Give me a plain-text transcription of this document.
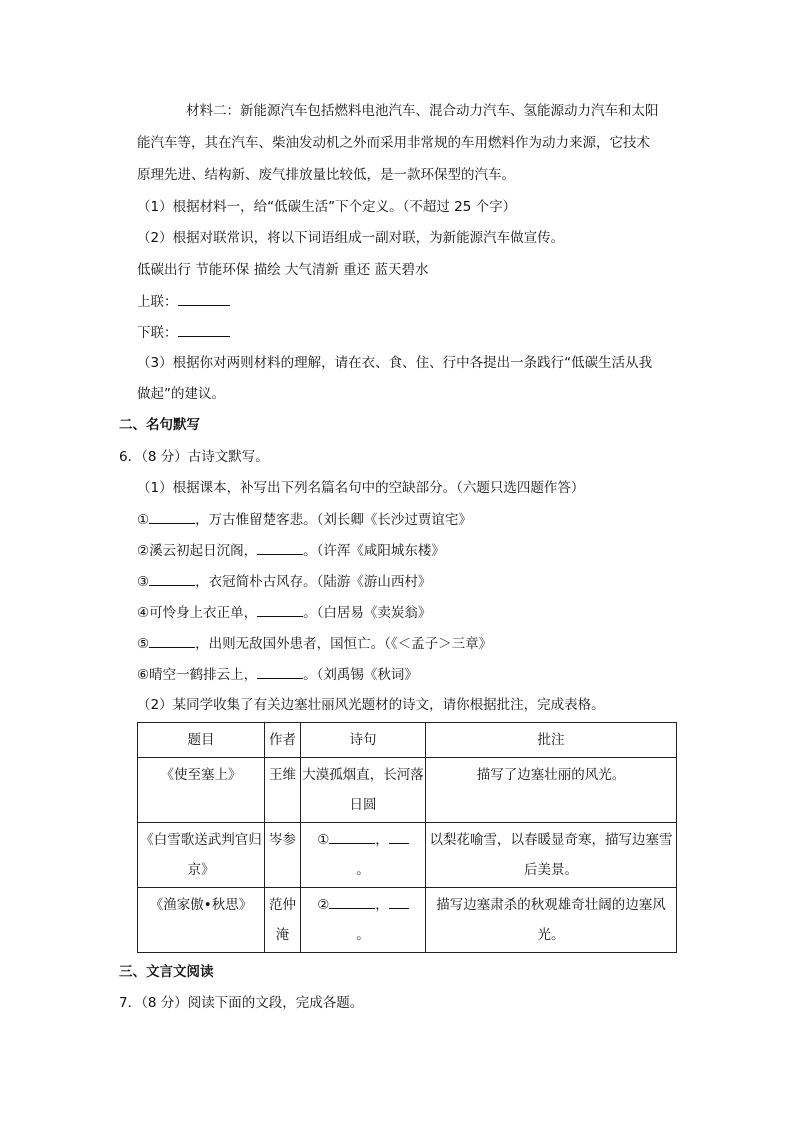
材料二：新能源汽车包括燃料电池汽车、混合动力汽车、氢能源动力汽车和太阳
能汽车等，其在汽车、柴油发动机之外而采用非常规的车用燃料作为动力来源，它技术
原理先进、结构新、废气排放量比较低，是一款环保型的汽车。
（1）根据材料一，给“低碳生活”下个定义。（不超过 25 个字）
（2）根据对联常识，将以下词语组成一副对联，为新能源汽车做宣传。
低碳出行 节能环保 描绘 大气清新 重还 蓝天碧水
上联：
下联：
（3）根据你对两则材料的理解，请在衣、食、住、行中各提出一条践行“低碳生活从我
做起”的建议。
二、名句默写
6．（8 分）古诗文默写。
（1）根据课本，补写出下列名篇名句中的空缺部分。（六题只选四题作答）
①	，万古惟留楚客悲。（刘长卿《长沙过贾谊宅》
②溪云初起日沉阁，	。（许浑《咸阳城东楼》
③	，衣冠简朴古风存。（陆游《游山西村》
④可怜身上衣正单，	。（白居易《卖炭翁》
⑤	，出则无敌国外患者，国恒亡。（《＜孟子＞三章》
⑥晴空一鹤排云上，	。（刘禹锡《秋词》
（2）某同学收集了有关边塞壮丽风光题材的诗文，请你根据批注，完成表格。
题目	作者	诗句	批注
《使至塞上》	王维	大漠孤烟直，长河落日圆	描写了边塞壮丽的风光。
《白雪歌送武判官归京》	岑参	① ，
。	以梨花喻雪，以春暖显奇寒，描写边塞雪后美景。
《渔家傲•秋思》	范仲淹	② ，
。	描写边塞肃杀的秋观雄奇壮阔的边塞风光。
三、文言文阅读
7．（8 分）阅读下面的文段，完成各题。
